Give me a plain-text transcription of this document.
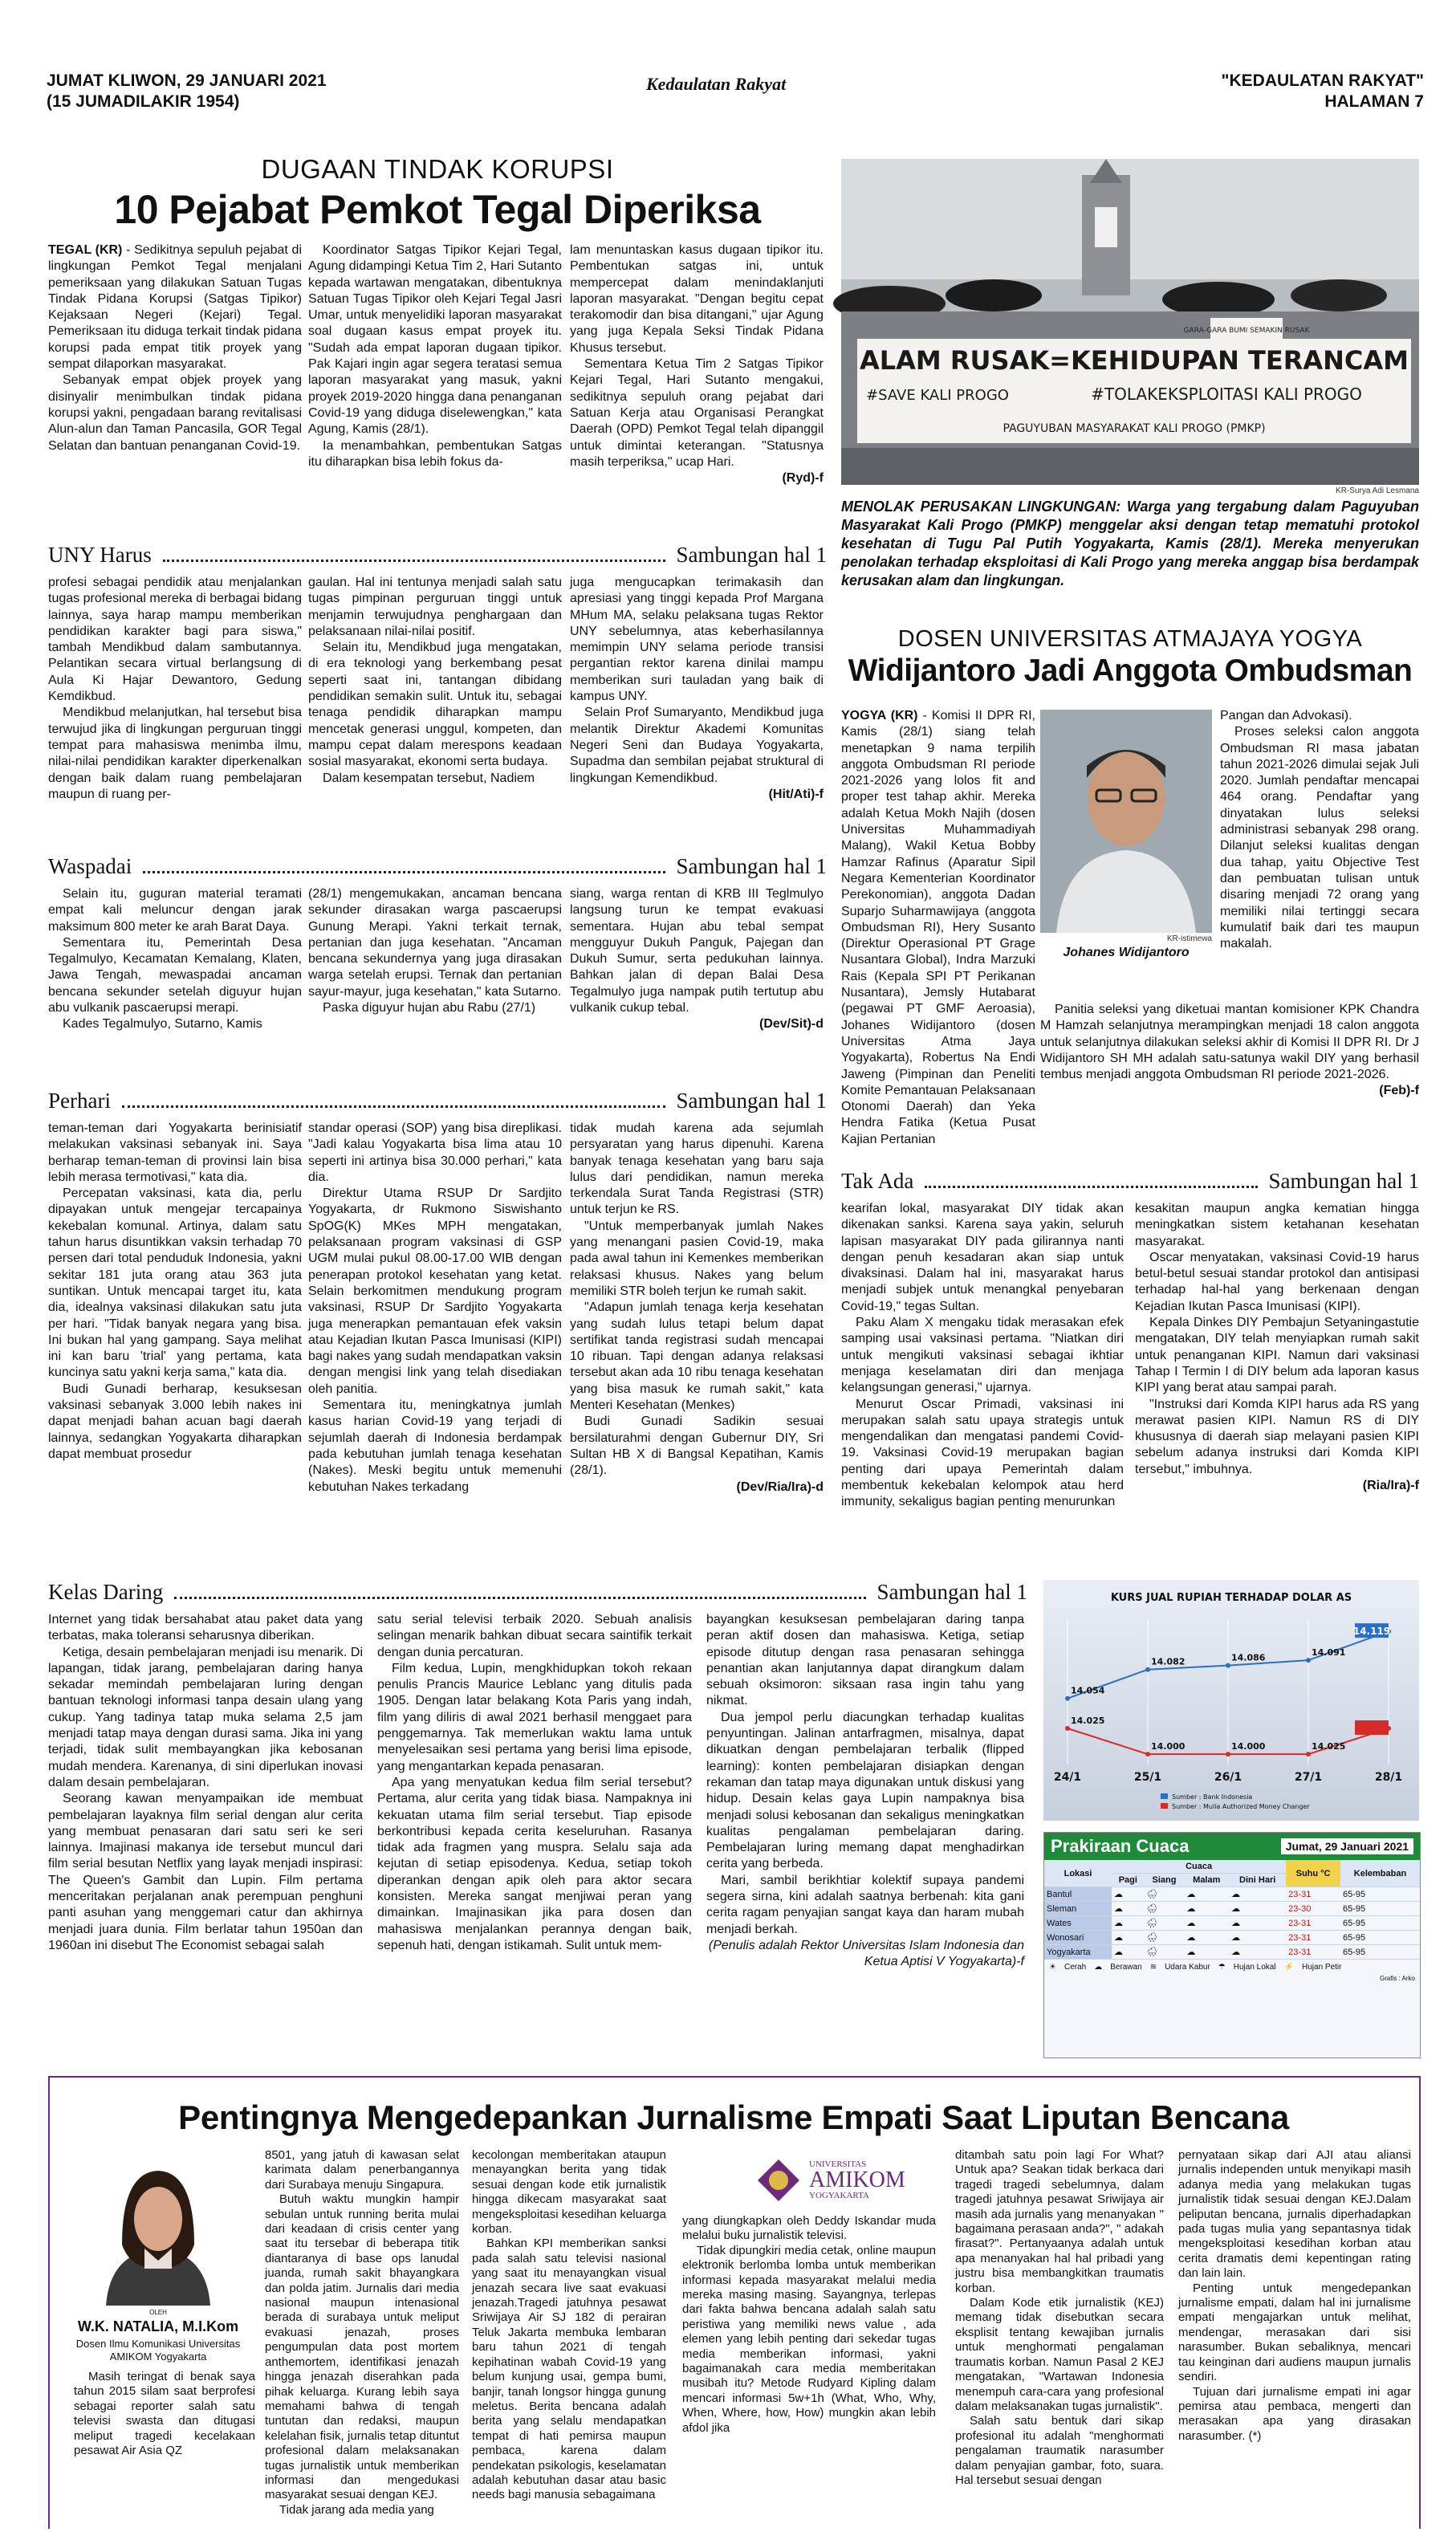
JUMAT KLIWON, 29 JANUARI 2021
(15 JUMADILAKIR 1954)
Kedaulatan Rakyat	"KEDAULATAN RAKYAT"
HALAMAN 7
DUGAAN TINDAK KORUPSI
10 Pejabat Pemkot Tegal Diperiksa

TEGAL (KR) - Sedikitnya sepuluh pejabat di lingkungan Pemkot Tegal menjalani pemeriksaan yang dilakukan Satuan Tugas Tindak Pidana Korupsi (Satgas Tipikor) Kejaksaan Negeri (Kejari) Tegal. Pemeriksaan itu diduga terkait tindak pidana korupsi pada empat titik proyek yang sempat dilaporkan masyarakat.

Sebanyak empat objek proyek yang disinyalir menimbulkan tindak pidana korupsi yakni, pengadaan barang revitalisasi Alun-alun dan Taman Pancasila, GOR Tegal Selatan dan bantuan penanganan Covid-19.

Koordinator Satgas Tipikor Kejari Tegal, Agung didampingi Ketua Tim 2, Hari Sutanto kepada wartawan mengatakan, dibentuknya Satuan Tugas Tipikor oleh Kejari Tegal Jasri Umar, untuk menyelidiki laporan masyarakat soal dugaan kasus empat proyek itu. "Sudah ada empat laporan dugaan tipikor. Pak Kajari ingin agar segera teratasi semua laporan masyarakat yang masuk, yakni proyek 2019-2020 hingga dana penanganan Covid-19 yang diduga diselewengkan," kata Agung, Kamis (28/1).

Ia menambahkan, pembentukan Satgas itu diharapkan bisa lebih fokus da-

lam menuntaskan kasus dugaan tipikor itu. Pembentukan satgas ini, untuk mempercepat dalam menindaklanjuti laporan masyarakat. "Dengan begitu cepat terakomodir dan bisa ditangani," ujar Agung yang juga Kepala Seksi Tindak Pidana Khusus tersebut.

Sementara Ketua Tim 2 Satgas Tipikor Kejari Tegal, Hari Sutanto mengakui, sedikitnya sepuluh orang pejabat dari Satuan Kerja atau Organisasi Perangkat Daerah (OPD) Pemkot Tegal telah dipanggil untuk dimintai keterangan. "Statusnya masih terperiksa," ucap Hari.

(Ryd)-f
GARA-GARA BUMI SEMAKIN RUSAK
ALAM RUSAK=KEHIDUPAN TERANCAM
#SAVE KALI PROGO	#TOLAKEKSPLOITASI KALI PROGO
PAGUYUBAN MASYARAKAT KALI PROGO (PMKP)
KR-Surya Adi Lesmana
MENOLAK PERUSAKAN LINGKUNGAN: Warga yang tergabung dalam Paguyuban Masyarakat Kali Progo (PMKP) menggelar aksi dengan tetap mematuhi protokol kesehatan di Tugu Pal Putih Yogyakarta, Kamis (28/1). Mereka menyerukan penolakan terhadap eksploitasi di Kali Progo yang mereka anggap bisa berdampak kerusakan alam dan lingkungan.
UNY Harus	Sambungan hal 1

profesi sebagai pendidik atau menjalankan tugas profesional mereka di berbagai bidang lainnya, saya harap mampu memberikan pendidikan karakter bagi para siswa," tambah Mendikbud dalam sambutannya. Pelantikan secara virtual berlangsung di Aula Ki Hajar Dewantoro, Gedung Kemdikbud.

Mendikbud melanjutkan, hal tersebut bisa terwujud jika di lingkungan perguruan tinggi tempat para mahasiswa menimba ilmu, nilai-nilai pendidikan karakter diperkenalkan dengan baik dalam ruang pembelajaran maupun di ruang per-

gaulan. Hal ini tentunya menjadi salah satu tugas pimpinan perguruan tinggi untuk menjamin terwujudnya penghargaan dan pelaksanaan nilai-nilai positif.

Selain itu, Mendikbud juga mengatakan, di era teknologi yang berkembang pesat seperti saat ini, tantangan dibidang pendidikan semakin sulit. Untuk itu, sebagai tenaga pendidik diharapkan mampu mencetak generasi unggul, kompeten, dan mampu cepat dalam merespons keadaan sosial masyarakat, ekonomi serta budaya.

Dalam kesempatan tersebut, Nadiem

juga mengucapkan terimakasih dan apresiasi yang tinggi kepada Prof Margana MHum MA, selaku pelaksana tugas Rektor UNY sebelumnya, atas keberhasilannya memimpin UNY selama periode transisi pergantian rektor karena dinilai mampu memberikan suri tauladan yang baik di kampus UNY.

Selain Prof Sumaryanto, Mendikbud juga melantik Direktur Akademi Komunitas Negeri Seni dan Budaya Yogyakarta, Supadma dan sembilan pejabat struktural di lingkungan Kemendikbud.

(Hit/Ati)-f
Waspadai	Sambungan hal 1

Selain itu, guguran material teramati empat kali meluncur dengan jarak maksimum 800 meter ke arah Barat Daya.

Sementara itu, Pemerintah Desa Tegalmulyo, Kecamatan Kemalang, Klaten, Jawa Tengah, mewaspadai ancaman bencana sekunder setelah diguyur hujan abu vulkanik pascaerupsi merapi.

Kades Tegalmulyo, Sutarno, Kamis

(28/1) mengemukakan, ancaman bencana sekunder dirasakan warga pascaerupsi Gunung Merapi. Yakni terkait ternak, pertanian dan juga kesehatan. "Ancaman bencana sekundernya yang juga dirasakan warga setelah erupsi. Ternak dan pertanian sayur-mayur, juga kesehatan," kata Sutarno.

Paska diguyur hujan abu Rabu (27/1)

siang, warga rentan di KRB III Teglmulyo langsung turun ke tempat evakuasi sementara. Hujan abu tebal sempat mengguyur Dukuh Panguk, Pajegan dan Dukuh Sumur, serta pedukuhan lainnya. Bahkan jalan di depan Balai Desa Tegalmulyo juga nampak putih tertutup abu vulkanik cukup tebal.

(Dev/Sit)-d
DOSEN UNIVERSITAS ATMAJAYA YOGYA
Widijantoro Jadi Anggota Ombudsman

YOGYA (KR) - Komisi II DPR RI, Kamis (28/1) siang telah menetapkan 9 nama terpilih anggota Ombudsman RI periode 2021-2026 yang lolos fit and proper test tahap akhir. Mereka adalah Ketua Mokh Najih (dosen Universitas Muhammadiyah Malang), Wakil Ketua Bobby Hamzar Rafinus (Aparatur Sipil Negara Kementerian Koordinator Perekonomian), anggota Dadan Suparjo Suharmawijaya (anggota Ombudsman RI), Hery Susanto (Direktur Operasional PT Grage Nusantara Global), Indra Marzuki Rais (Kepala SPI PT Perikanan Nusantara), Jemsly Hutabarat (pegawai PT GMF Aeroasia), Johanes Widijantoro (dosen Universitas Atma Jaya Yogyakarta), Robertus Na Endi Jaweng (Pimpinan dan Peneliti Komite Pemantauan Pelaksanaan Otonomi Daerah) dan Yeka Hendra Fatika (Ketua Pusat Kajian Pertanian

KR-istimewa
Johanes Widijantoro

Pangan dan Advokasi).

Proses seleksi calon anggota Ombudsman RI masa jabatan tahun 2021-2026 dimulai sejak Juli 2020. Jumlah pendaftar mencapai 464 orang. Pendaftar yang dinyatakan lulus seleksi administrasi sebanyak 298 orang. Dilanjut seleksi kualitas dengan dua tahap, yaitu Objective Test dan pembuatan tulisan untuk disaring menjadi 72 orang yang memiliki nilai tertinggi secara kumulatif baik dari tes maupun makalah.

Panitia seleksi yang diketuai mantan komisioner KPK Chandra M Hamzah selanjutnya merampingkan menjadi 18 calon anggota untuk selanjutnya dilakukan seleksi akhir di Komisi II DPR RI. Dr J Widijantoro SH MH adalah satu-satunya wakil DIY yang berhasil tembus menjadi anggota Ombudsman RI periode 2021-2026.

(Feb)-f
Perhari	Sambungan hal 1

teman-teman dari Yogyakarta berinisiatif melakukan vaksinasi sebanyak ini. Saya berharap teman-teman di provinsi lain bisa lebih merasa termotivasi," kata dia.

Percepatan vaksinasi, kata dia, perlu dipayakan untuk mengejar tercapainya kekebalan komunal. Artinya, dalam satu tahun harus disuntikkan vaksin terhadap 70 persen dari total penduduk Indonesia, yakni sekitar 181 juta orang atau 363 juta suntikan. Untuk mencapai target itu, kata dia, idealnya vaksinasi dilakukan satu juta per hari. "Tidak banyak negara yang bisa. Ini bukan hal yang gampang. Saya melihat ini kan baru 'trial' yang pertama, kata kuncinya satu yakni kerja sama," kata dia.

Budi Gunadi berharap, kesuksesan vaksinasi sebanyak 3.000 lebih nakes ini dapat menjadi bahan acuan bagi daerah lainnya, sedangkan Yogyakarta diharapkan dapat membuat prosedur

standar operasi (SOP) yang bisa direplikasi. "Jadi kalau Yogyakarta bisa lima atau 10 seperti ini artinya bisa 30.000 perhari," kata dia.

Direktur Utama RSUP Dr Sardjito Yogyakarta, dr Rukmono Siswishanto SpOG(K) MKes MPH mengatakan, pelaksanaan program vaksinasi di GSP UGM mulai pukul 08.00-17.00 WIB dengan penerapan protokol kesehatan yang ketat. Selain berkomitmen mendukung program vaksinasi, RSUP Dr Sardjito Yogyakarta juga menerapkan pemantauan efek vaksin atau Kejadian Ikutan Pasca Imunisasi (KIPI) bagi nakes yang sudah mendapatkan vaksin dengan mengisi link yang telah disediakan oleh panitia.

Sementara itu, meningkatnya jumlah kasus harian Covid-19 yang terjadi di sejumlah daerah di Indonesia berdampak pada kebutuhan jumlah tenaga kesehatan (Nakes). Meski begitu untuk memenuhi kebutuhan Nakes terkadang

tidak mudah karena ada sejumlah persyaratan yang harus dipenuhi. Karena banyak tenaga kesehatan yang baru saja lulus dari pendidikan, namun mereka terkendala Surat Tanda Registrasi (STR) untuk terjun ke RS.

"Untuk memperbanyak jumlah Nakes yang menangani pasien Covid-19, maka pada awal tahun ini Kemenkes memberikan relaksasi khusus. Nakes yang belum memiliki STR boleh terjun ke rumah sakit.

"Adapun jumlah tenaga kerja kesehatan yang sudah lulus tetapi belum dapat sertifikat tanda registrasi sudah mencapai 10 ribuan. Tapi dengan adanya relaksasi tersebut akan ada 10 ribu tenaga kesehatan yang bisa masuk ke rumah sakit," kata Menteri Kesehatan (Menkes)

Budi Gunadi Sadikin sesuai bersilaturahmi dengan Gubernur DIY, Sri Sultan HB X di Bangsal Kepatihan, Kamis (28/1).

(Dev/Ria/Ira)-d
Tak Ada	Sambungan hal 1

kearifan lokal, masyarakat DIY tidak akan dikenakan sanksi. Karena saya yakin, seluruh lapisan masyarakat DIY pada gilirannya nanti dengan penuh kesadaran akan siap untuk divaksinasi. Dalam hal ini, masyarakat harus menjadi subjek untuk menangkal penyebaran Covid-19," tegas Sultan.

Paku Alam X mengaku tidak merasakan efek samping usai vaksinasi pertama. "Niatkan diri untuk mengikuti vaksinasi sebagai ikhtiar menjaga keselamatan diri dan menjaga kelangsungan generasi," ujarnya.

Menurut Oscar Primadi, vaksinasi ini merupakan salah satu upaya strategis untuk mengendalikan dan mengatasi pandemi Covid-19. Vaksinasi Covid-19 merupakan bagian penting dari upaya Pemerintah dalam membentuk kekebalan kelompok atau herd immunity, sekaligus bagian penting menurunkan

kesakitan maupun angka kematian hingga meningkatkan sistem ketahanan kesehatan masyarakat.

Oscar menyatakan, vaksinasi Covid-19 harus betul-betul sesuai standar protokol dan antisipasi terhadap hal-hal yang berkenaan dengan Kejadian Ikutan Pasca Imunisasi (KIPI).

Kepala Dinkes DIY Pembajun Setyaningastutie mengatakan, DIY telah menyiapkan rumah sakit untuk penanganan KIPI. Namun dari vaksinasi Tahap I Termin I di DIY belum ada laporan kasus KIPI yang berat atau sampai parah.

"Instruksi dari Komda KIPI harus ada RS yang merawat pasien KIPI. Namun RS di DIY khususnya di daerah siap melayani pasien KIPI sebelum adanya instruksi dari Komda KIPI tersebut," imbuhnya.

(Ria/Ira)-f
Kelas Daring	Sambungan hal 1

Internet yang tidak bersahabat atau paket data yang terbatas, maka toleransi seharusnya diberikan.

Ketiga, desain pembelajaran menjadi isu menarik. Di lapangan, tidak jarang, pembelajaran daring hanya sekadar memindah pembelajaran luring dengan bantuan teknologi informasi tanpa desain ulang yang cukup. Yang tadinya tatap muka selama 2,5 jam menjadi tatap maya dengan durasi sama. Jika ini yang terjadi, tidak sulit membayangkan jika kebosanan mudah mendera. Karenanya, di sini diperlukan inovasi dalam desain pembelajaran.

Seorang kawan menyampaikan ide membuat pembelajaran layaknya film serial dengan alur cerita yang membuat penasaran dari satu seri ke seri lainnya. Imajinasi makanya ide tersebut muncul dari film serial besutan Netflix yang layak menjadi inspirasi: The Queen's Gambit dan Lupin. Film pertama menceritakan perjalanan anak perempuan penghuni panti asuhan yang menggemari catur dan akhirnya menjadi juara dunia. Film berlatar tahun 1950an dan 1960an ini disebut The Economist sebagai salah

satu serial televisi terbaik 2020. Sebuah analisis selingan menarik bahkan dibuat secara saintifik terkait dengan dunia percaturan.

Film kedua, Lupin, mengkhidupkan tokoh rekaan penulis Prancis Maurice Leblanc yang ditulis pada 1905. Dengan latar belakang Kota Paris yang indah, film yang diliris di awal 2021 berhasil menggaet para penggemarnya. Tak memerlukan waktu lama untuk menyelesaikan sesi pertama yang berisi lima episode, yang mengantarkan kepada penasaran.

Apa yang menyatukan kedua film serial tersebut? Pertama, alur cerita yang tidak biasa. Nampaknya ini kekuatan utama film serial tersebut. Tiap episode berkontribusi kepada cerita keseluruhan. Rasanya tidak ada fragmen yang muspra. Selalu saja ada kejutan di setiap episodenya. Kedua, setiap tokoh diperankan dengan apik oleh para aktor secara konsisten. Mereka sangat menjiwai peran yang dimainkan. Imajinasikan jika para dosen dan mahasiswa menjalankan perannya dengan baik, sepenuh hati, dengan istikamah. Sulit untuk mem-

bayangkan kesuksesan pembelajaran daring tanpa peran aktif dosen dan mahasiswa. Ketiga, setiap episode ditutup dengan rasa penasaran sehingga penantian akan lanjutannya dapat dirangkum dalam sebuah oksimoron: siksaan rasa ingin tahu yang nikmat.

Dua jempol perlu diacungkan terhadap kualitas penyuntingan. Jalinan antarfragmen, misalnya, dapat dikuatkan dengan pembelajaran terbalik (flipped learning): konten pembelajaran disiapkan dengan rekaman dan tatap maya digunakan untuk diskusi yang hidup. Desain kelas gaya Lupin nampaknya bisa menjadi solusi kebosanan dan sekaligus meningkatkan kualitas pengalaman pembelajaran daring. Pembelajaran luring memang dapat menghadirkan cerita yang berbeda.

Mari, sambil berikhtiar kolektif supaya pandemi segera sirna, kini adalah saatnya berbenah: kita gani cerita ragam penyajian sangat kaya dan haram mubah menjadi berkah.

(Penulis adalah Rektor Universitas Islam Indonesia dan Ketua Aptisi V Yogyakarta)-f
KURS JUAL RUPIAH TERHADAP DOLAR AS
24/1	25/1	26/1	27/1	28/1
14.054
14.082	14.086	14.091
14.119
14.025
14.000	14.000	14.025
Sumber : Bank Indonesia
Sumber : Mulia Authorized Money Changer
Prakiraan Cuaca	Jumat, 29 Januari 2021
Lokasi	Cuaca				Suhu °C	Kelembaban
	Pagi	Siang	Malam	Dini Hari		
Bantul	☁	🌧	☁	☁	23-31	65-95
Sleman	☁	🌧	☁	☁	23-30	65-95
Wates	☁	🌧	☁	☁	23-31	65-95
Wonosari	☁	🌧	☁	☁	23-31	65-95
Yogyakarta	☁	🌧	☁	☁	23-31	65-95
☀ Cerah ☁ Berawan ≋ Udara Kabur ☂ Hujan Lokal ⚡ Hujan Petir
Grafis : Arko
Pentingnya Mengedepankan Jurnalisme Empati Saat Liputan Bencana
OLEH
W.K. NATALIA, M.I.Kom
Dosen Ilmu Komunikasi Universitas AMIKOM Yogyakarta

Masih teringat di benak saya tahun 2015 silam saat berprofesi sebagai reporter salah satu televisi swasta dan ditugasi meliput tragedi kecelakaan pesawat Air Asia QZ

8501, yang jatuh di kawasan selat karimata dalam penerbangannya dari Surabaya menuju Singapura.

Butuh waktu mungkin hampir sebulan untuk running berita mulai dari keadaan di crisis center yang saat itu tersebar di beberapa titik diantaranya di base ops lanudal juanda, rumah sakit bhayangkara dan polda jatim. Jurnalis dari media nasional maupun intenasional berada di surabaya untuk meliput evakuasi jenazah, proses pengumpulan data post mortem anthemortem, identifikasi jenazah hingga jenazah diserahkan pada pihak keluarga. Kurang lebih saya memahami bahwa di tengah tuntutan dan redaksi, maupun kelelahan fisik, jurnalis tetap dituntut profesional dalam melaksanakan tugas jurnalistik untuk memberikan informasi dan mengedukasi masyarakat sesuai dengan KEJ.

Tidak jarang ada media yang

kecolongan memberitakan ataupun menayangkan berita yang tidak sesuai dengan kode etik jurnalistik hingga dikecam masyarakat saat mengeksploitasi kesedihan keluarga korban.

Bahkan KPI memberikan sanksi pada salah satu televisi nasional yang saat itu menayangkan visual jenazah secara live saat evakuasi jenazah.Tragedi jatuhnya pesawat Sriwijaya Air SJ 182 di perairan Teluk Jakarta membuka lembaran baru tahun 2021 di tengah kepihatinan wabah Covid-19 yang belum kunjung usai, gempa bumi, banjir, tanah longsor hingga gunung meletus. Berita bencana adalah berita yang selalu mendapatkan tempat di hati pemirsa maupun pembaca, karena dalam pendekatan psikologis, keselamatan adalah kebutuhan dasar atau basic needs bagi manusia sebagaimana

UNIVERSITAS
AMIKOM
YOGYAKARTA

yang diungkapkan oleh Deddy Iskandar muda melalui buku jurnalistik televisi.

Tidak dipungkiri media cetak, online maupun elektronik berlomba lomba untuk memberikan informasi kepada masyarakat melalui media mereka masing masing. Sayangnya, terlepas dari fakta bahwa bencana adalah salah satu peristiwa yang memiliki news value , ada elemen yang lebih penting dari sekedar tugas media memberikan informasi, yakni bagaimanakah cara media memberitakan musibah itu? Metode Rudyard Kipling dalam mencari informasi 5w+1h (What, Who, Why, When, Where, how, How) mungkin akan lebih afdol jika

ditambah satu poin lagi For What? Untuk apa? Seakan tidak berkaca dari tragedi tragedi sebelumnya, dalam tragedi jatuhnya pesawat Sriwijaya air masih ada jurnalis yang menanyakan " bagaimana perasaan anda?", " adakah firasat?". Pertanyaanya adalah untuk apa menanyakan hal hal pribadi yang justru bisa membangkitkan traumatis korban.

Dalam Kode etik jurnalistik (KEJ) memang tidak disebutkan secara eksplisit tentang kewajiban jurnalis untuk menghormati pengalaman traumatis korban. Namun Pasal 2 KEJ mengatakan, "Wartawan Indonesia menempuh cara-cara yang profesional dalam melaksanakan tugas jurnalistik".

Salah satu bentuk dari sikap profesional itu adalah "menghormati pengalaman traumatik narasumber dalam penyajian gambar, foto, suara. Hal tersebut sesuai dengan

pernyataan sikap dari AJI atau aliansi jurnalis independen untuk menyikapi masih adanya media yang melakukan tugas jurnalistik tidak sesuai dengan KEJ.Dalam peliputan bencana, jurnalis diperhadapkan pada tugas mulia yang sepantasnya tidak mengeksploitasi kesedihan korban atau cerita dramatis demi kepentingan rating dan lain lain.

Penting untuk mengedepankan jurnalisme empati, dalam hal ini jurnalisme empati mengajarkan untuk melihat, mendengar, merasakan dari sisi narasumber. Bukan sebaliknya, mencari tau keinginan dari audiens maupun jurnalis sendiri.

Tujuan dari jurnalisme empati ini agar pemirsa atau pembaca, mengerti dan merasakan apa yang dirasakan narasumber. (*)
